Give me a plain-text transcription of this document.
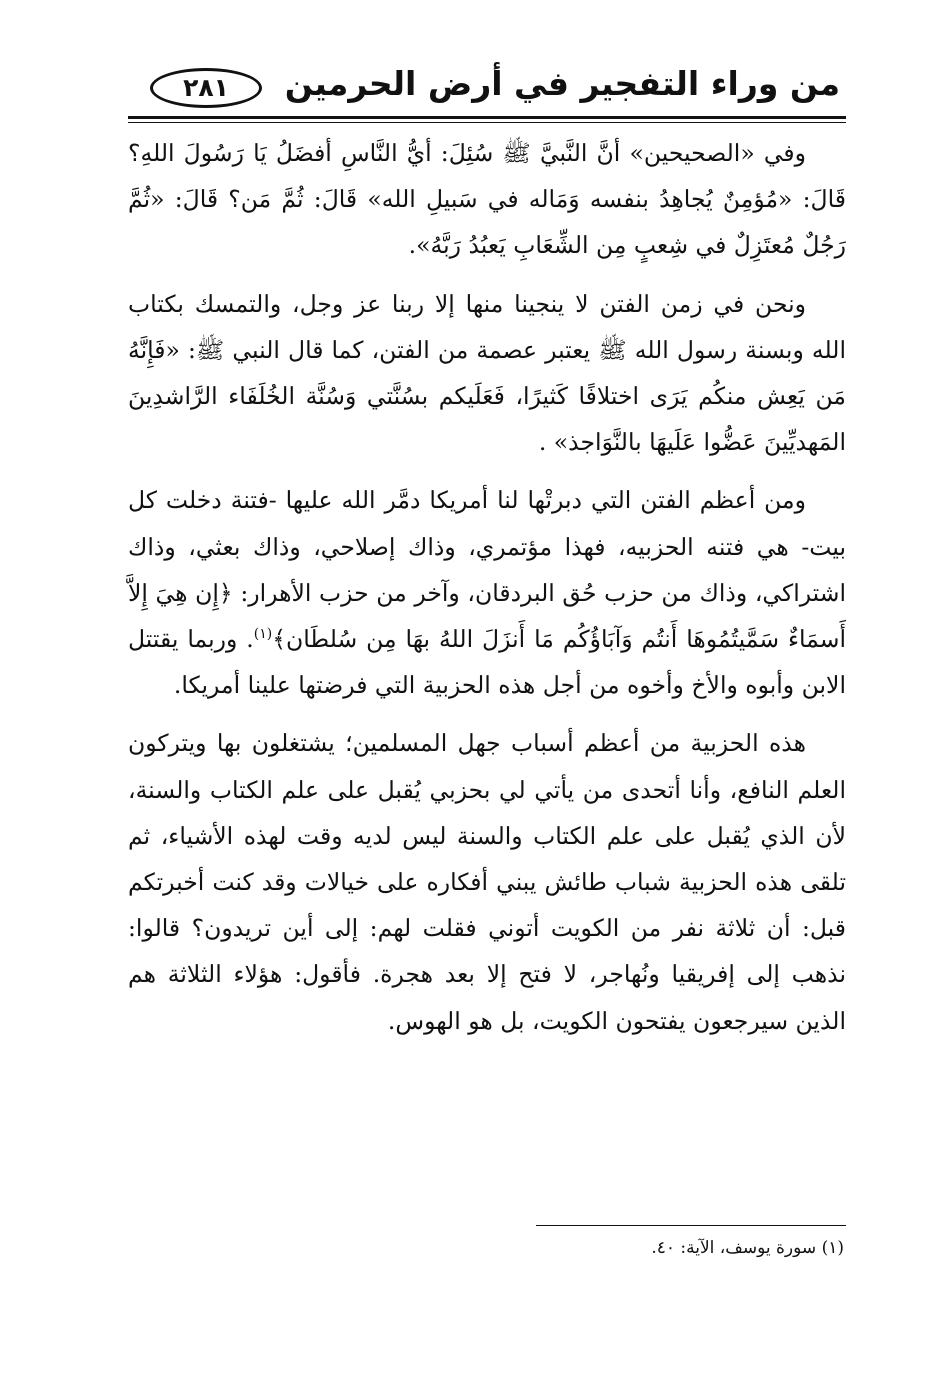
٢٨١	من وراء التفجير في أرض الحرمين

وفي «الصحيحين» أنَّ النَّبيَّ ﷺ سُئِلَ: أيُّ النَّاسِ أفضَلُ يَا رَسُولَ اللهِ؟ قَالَ: «مُؤمِنٌ يُجاهِدُ بنفسه وَمَاله في سَبيلِ الله» قَالَ: ثُمَّ مَن؟ قَالَ: «ثُمَّ رَجُلٌ مُعتَزِلٌ في شِعبٍ مِن الشِّعَابِ يَعبُدُ رَبَّهُ».

ونحن في زمن الفتن لا ينجينا منها إلا ربنا عز وجل، والتمسك بكتاب الله وبسنة رسول الله ﷺ يعتبر عصمة من الفتن، كما قال النبي ﷺ: «فَإِنَّهُ مَن يَعِش منكُم يَرَى اختلافًا كَثيرًا، فَعَلَيكم بسُنَّتي وَسُنَّة الخُلَفَاء الرَّاشدِينَ المَهديِّينَ عَضُّوا عَلَيهَا بالنَّوَاجذ» .

ومن أعظم الفتن التي دبرتْها لنا أمريكا دمَّر الله عليها -فتنة دخلت كل بيت- هي فتنه الحزبيه، فهذا مؤتمري، وذاك إصلاحي، وذاك بعثي، وذاك اشتراكي، وذاك من حزب حُق البردقان، وآخر من حزب الأهرار: ﴿إِن هِيَ إِلاَّ أَسمَاءٌ سَمَّيتُمُوهَا أَنتُم وَآبَاؤُكُم مَا أَنزَلَ اللهُ بهَا مِن سُلطَان﴾$^{(١)}$. وربما يقتتل الابن وأبوه والأخ وأخوه من أجل هذه الحزبية التي فرضتها علينا أمريكا.

هذه الحزبية من أعظم أسباب جهل المسلمين؛ يشتغلون بها ويتركون العلم النافع، وأنا أتحدى من يأتي لي بحزبي يُقبل على علم الكتاب والسنة، لأن الذي يُقبل على علم الكتاب والسنة ليس لديه وقت لهذه الأشياء، ثم تلقى هذه الحزبية شباب طائش يبني أفكاره على خيالات وقد كنت أخبرتكم قبل: أن ثلاثة نفر من الكويت أتوني فقلت لهم: إلى أين تريدون؟ قالوا: نذهب إلى إفريقيا ونُهاجر، لا فتح إلا بعد هجرة. فأقول: هؤلاء الثلاثة هم الذين سيرجعون يفتحون الكويت، بل هو الهوس.

(١) سورة يوسف، الآية: ٤٠.
